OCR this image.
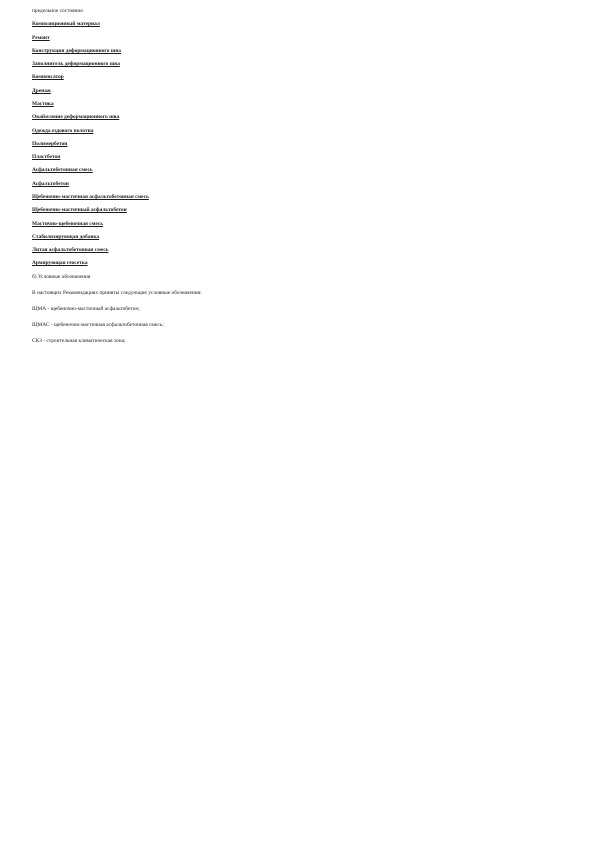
предельное состояние.

Композиционный материал

Ремонт

Конструкция деформационного шва

Заполнитель деформационного шва

Компенсатор

Дренаж

Мастика

Окаймление деформационного шва

Одежда ездового полотна

Полимербетон

Пластбетон

Асфальтобетонная смесь

Асфальтобетон

Щебеночно-мастичная асфальтобетонная смесь

Щебеночно-мастичный асфальтобетон

Мастично-щебеночная смесь

Стабилизирующая добавка

Литая асфальтобетонная смесь

Армирующая геосетка

б) Условные обозначения

В настоящих Рекомендациях приняты следующие условные обозначения:

ЩМА - щебеночно-мастичный асфальтобетон;

ЩМАС - щебеночно-мастичная асфальтобетонная смесь;

СКЗ - строительная климатическая зона;
